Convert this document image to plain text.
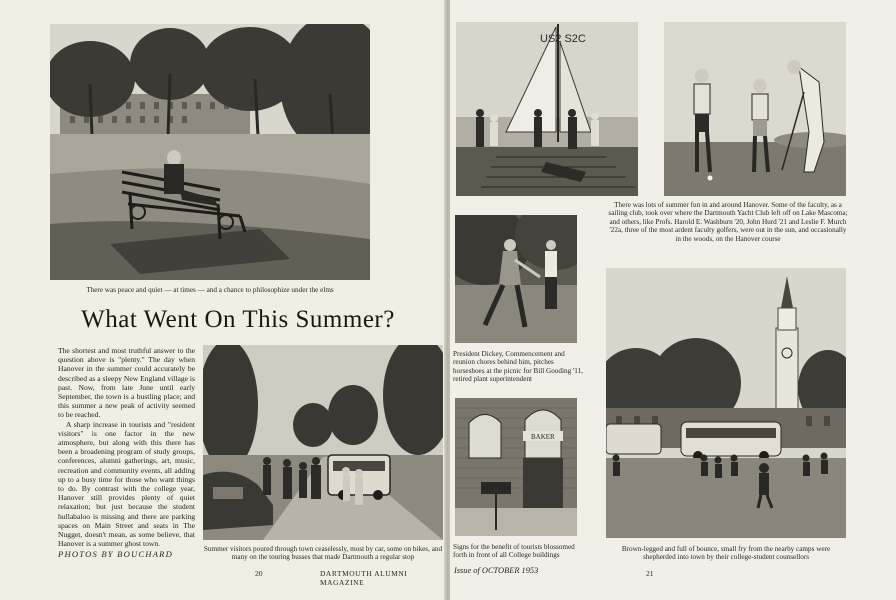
There was peace and quiet — at times — and a chance to philosophize under the elms
What Went On This Summer?

The shortest and most truthful answer to the question above is "plenty." The day when Hanover in the summer could accurately be described as a sleepy New England village is past. Now, from late June until early September, the town is a bustling place; and this summer a new peak of activity seemed to be reached.

A sharp increase in tourists and "resident visitors" is one factor in the new atmosphere, but along with this there has been a broadening program of study groups, conferences, alumni gatherings, art, music, recreation and community events, all adding up to a busy time for those who want things to do. By contrast with the college year, Hanover still provides plenty of quiet relaxation; but just because the student hullabaloo is missing and there are parking spaces on Main Street and seats in The Nugget, doesn't mean, as some believe, that Hanover is a summer ghost town.

PHOTOS BY BOUCHARD	Summer visitors poured through town ceaselessly, most by car, some on bikes, and many on the touring busses that made Dartmouth a regular stop
20	DARTMOUTH ALUMNI MAGAZINE
US2 S2C
There was lots of summer fun in and around Hanover. Some of the faculty, as a sailing club, took over where the Dartmouth Yacht Club left off on Lake Mascoma; and others, like Profs. Harold E. Washburn '20, John Hurd '21 and Leslie F. Murch '22a, three of the most ardent faculty golfers, were out in the sun, and occasionally in the woods, on the Hanover course
President Dickey, Commencement and reunion chores behind him, pitches horseshoes at the picnic for Bill Gooding '11, retired plant superintendent
BAKER
Signs for the benefit of tourists blossomed forth in front of all College buildings
Brown-legged and full of bounce, small fry from the nearby camps were shepherded into town by their college-student counsellors
Issue of OCTOBER 1953	21
